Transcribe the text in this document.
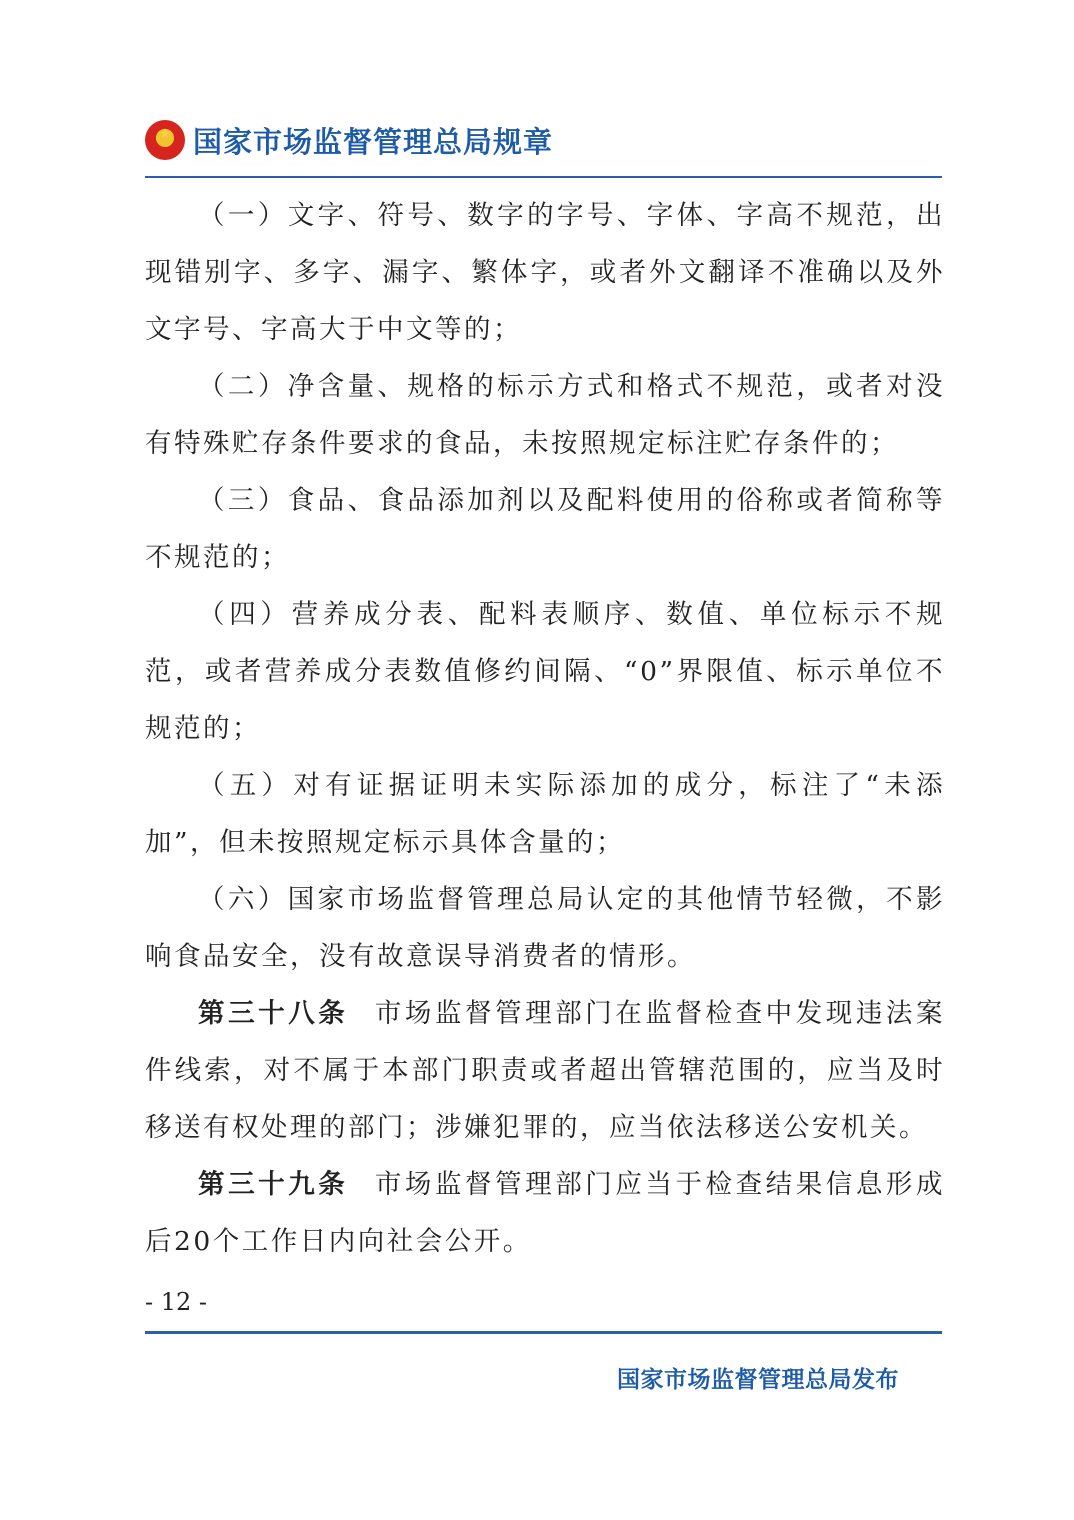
★
国家市场监督管理总局规章

（一）文字、符号、数字的字号、字体、字高不规范，出现错别字、多字、漏字、繁体字，或者外文翻译不准确以及外文字号、字高大于中文等的；

（二）净含量、规格的标示方式和格式不规范，或者对没有特殊贮存条件要求的食品，未按照规定标注贮存条件的；

（三）食品、食品添加剂以及配料使用的俗称或者简称等不规范的；

（四）营养成分表、配料表顺序、数值、单位标示不规范，或者营养成分表数值修约间隔、“0”界限值、标示单位不规范的；

（五）对有证据证明未实际添加的成分，标注了“未添加”，但未按照规定标示具体含量的；

（六）国家市场监督管理总局认定的其他情节轻微，不影响食品安全，没有故意误导消费者的情形。

第三十八条 市场监督管理部门在监督检查中发现违法案件线索，对不属于本部门职责或者超出管辖范围的，应当及时移送有权处理的部门；涉嫌犯罪的，应当依法移送公安机关。

第三十九条 市场监督管理部门应当于检查结果信息形成后20个工作日内向社会公开。

- 12 -
国家市场监督管理总局发布
